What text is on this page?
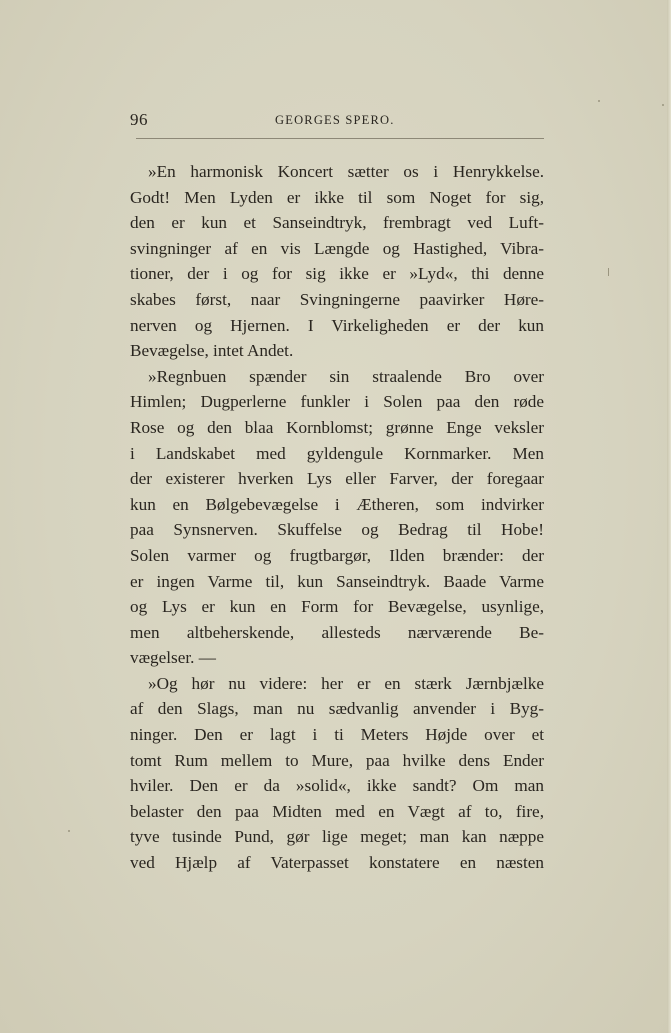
96	GEORGES SPERO.
»En harmonisk Koncert sætter os i Henrykkelse.
Godt! Men Lyden er ikke til som Noget for sig,
den er kun et Sanseindtryk, frembragt ved Luft-
svingninger af en vis Længde og Hastighed, Vibra-
tioner, der i og for sig ikke er »Lyd«, thi denne
skabes først, naar Svingningerne paavirker Høre-
nerven og Hjernen. I Virkeligheden er der kun
Bevægelse, intet Andet.
»Regnbuen spænder sin straalende Bro over
Himlen; Dugperlerne funkler i Solen paa den røde
Rose og den blaa Kornblomst; grønne Enge veksler
i Landskabet med gyldengule Kornmarker. Men
der existerer hverken Lys eller Farver, der foregaar
kun en Bølgebevægelse i Ætheren, som indvirker
paa Synsnerven. Skuffelse og Bedrag til Hobe!
Solen varmer og frugtbargør, Ilden brænder: der
er ingen Varme til, kun Sanseindtryk. Baade Varme
og Lys er kun en Form for Bevægelse, usynlige,
men altbeherskende, allesteds nærværende Be-
vægelser. —
»Og hør nu videre: her er en stærk Jærnbjælke
af den Slags, man nu sædvanlig anvender i Byg-
ninger. Den er lagt i ti Meters Højde over et
tomt Rum mellem to Mure, paa hvilke dens Ender
hviler. Den er da »solid«, ikke sandt? Om man
belaster den paa Midten med en Vægt af to, fire,
tyve tusinde Pund, gør lige meget; man kan næppe
ved Hjælp af Vaterpasset konstatere en næsten
